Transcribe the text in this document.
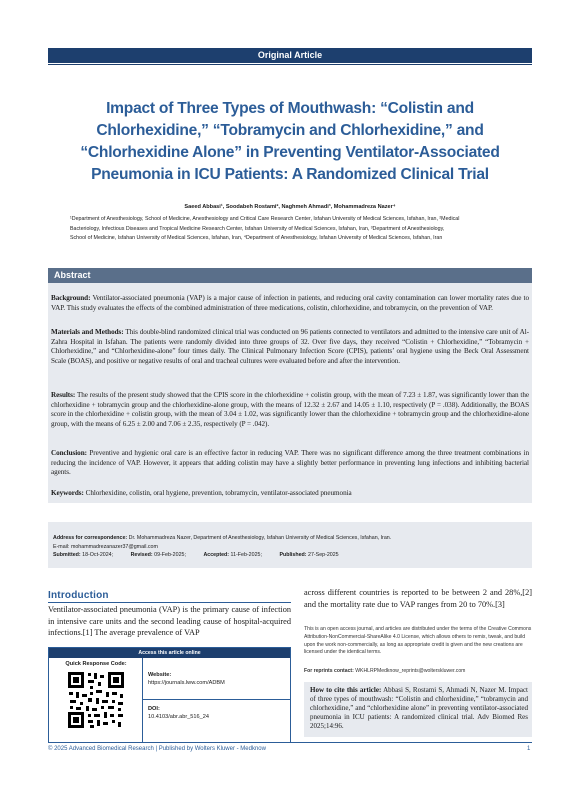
Original Article
Impact of Three Types of Mouthwash: “Colistin and Chlorhexidine,” “Tobramycin and Chlorhexidine,” and “Chlorhexidine Alone” in Preventing Ventilator-Associated Pneumonia in ICU Patients: A Randomized Clinical Trial
Saeed Abbasi¹, Soodabeh Rostami², Naghmeh Ahmadi³, Mohammadreza Nazer⁴
¹Department of Anesthesiology, School of Medicine, Anesthesiology and Critical Care Research Center, Isfahan University of Medical Sciences, Isfahan, Iran, ²Medical
Bacteriology, Infectious Diseases and Tropical Medicine Research Center, Isfahan University of Medical Sciences, Isfahan, Iran, ³Department of Anesthesiology,
School of Medicine, Isfahan University of Medical Sciences, Isfahan, Iran, ⁴Department of Anesthesiology, Isfahan University of Medical Sciences, Isfahan, Iran
Abstract
Background: Ventilator-associated pneumonia (VAP) is a major cause of infection in patients, and reducing oral cavity contamination can lower mortality rates due to VAP. This study evaluates the effects of the combined administration of three medications, colistin, chlorhexidine, and tobramycin, on the prevention of VAP.
Materials and Methods: This double-blind randomized clinical trial was conducted on 96 patients connected to ventilators and admitted to the intensive care unit of Al-Zahra Hospital in Isfahan. The patients were randomly divided into three groups of 32. Over five days, they received “Colistin + Chlorhexidine,” “Tobramycin + Chlorhexidine,” and “Chlorhexidine-alone” four times daily. The Clinical Pulmonary Infection Score (CPIS), patients’ oral hygiene using the Beck Oral Assessment Scale (BOAS), and positive or negative results of oral and tracheal cultures were evaluated before and after the intervention.
Results: The results of the present study showed that the CPIS score in the chlorhexidine + colistin group, with the mean of 7.23 ± 1.87, was significantly lower than the chlorhexidine + tobramycin group and the chlorhexidine-alone group, with the means of 12.32 ± 2.67 and 14.05 ± 1.10, respectively (P = .038). Additionally, the BOAS score in the chlorhexidine + colistin group, with the mean of 3.04 ± 1.02, was significantly lower than the chlorhexidine + tobramycin group and the chlorhexidine-alone group, with the means of 6.25 ± 2.00 and 7.06 ± 2.35, respectively (P = .042).
Conclusion: Preventive and hygienic oral care is an effective factor in reducing VAP. There was no significant difference among the three treatment combinations in reducing the incidence of VAP. However, it appears that adding colistin may have a slightly better performance in preventing lung infections and inhibiting bacterial agents.
Keywords: Chlorhexidine, colistin, oral hygiene, prevention, tobramycin, ventilator-associated pneumonia
Address for correspondence: Dr. Mohammadreza Nazer, Department of Anesthesiology, Isfahan University of Medical Sciences, Isfahan, Iran.
E-mail: mohammadrezanazer37@gmail.com
Submitted: 18-Oct-2024;	Revised: 09-Feb-2025;	Accepted: 11-Feb-2025;	Published: 27-Sep-2025
Introduction
Ventilator-associated pneumonia (VAP) is the primary cause of infection in intensive care units and the second leading cause of hospital-acquired infections.[1] The average prevalence of VAP
across different countries is reported to be between 2 and 28%,[2] and the mortality rate due to VAP ranges from 20 to 70%.[3]
Access this article online
Quick Response Code:
Website:
https://journals.lww.com/ADBM
DOI:
10.4103/abr.abr_516_24
This is an open access journal, and articles are distributed under the terms of the Creative Commons Attribution-NonCommercial-ShareAlike 4.0 License, which allows others to remix, tweak, and build upon the work non-commercially, as long as appropriate credit is given and the new creations are licensed under the identical terms.
For reprints contact: WKHLRPMedknow_reprints@wolterskluwer.com
How to cite this article: Abbasi S, Rostami S, Ahmadi N, Nazer M. Impact of three types of mouthwash: “Colistin and chlorhexidine,” “tobramycin and chlorhexidine,” and “chlorhexidine alone” in preventing ventilator-associated pneumonia in ICU patients: A randomized clinical trial. Adv Biomed Res 2025;14:96.
© 2025 Advanced Biomedical Research | Published by Wolters Kluwer - Medknow	1
